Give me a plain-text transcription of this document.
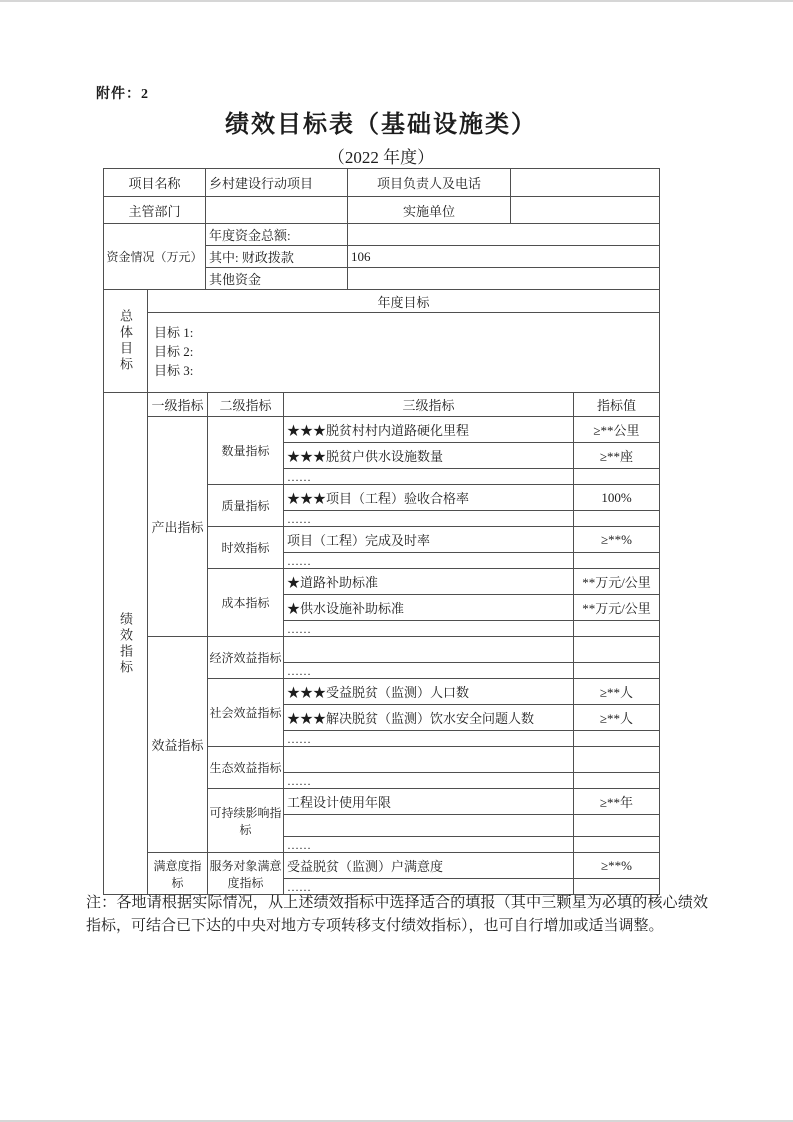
附件：2
绩效目标表（基础设施类）
（2022 年度）
项目名称	乡村建设行动项目	项目负责人及电话	
主管部门		实施单位	
资金情况（万元）	年度资金总额:		
	其中: 财政拨款	106	
	其他资金		
总体目标	年度目标

目标 1:
目标 2:
目标 3:
绩效指标	一级指标	二级指标	三级指标	指标值
	产出指标	数量指标	★★★脱贫村村内道路硬化里程	≥**公里
			★★★脱贫户供水设施数量	≥**座
			……	
		质量指标	★★★项目（工程）验收合格率	100%
			……	
		时效指标	项目（工程）完成及时率	≥**%
			……	
		成本指标	★道路补助标准	**万元/公里
			★供水设施补助标准	**万元/公里
			……	
	效益指标	经济效益指标		
			……	
		社会效益指标	★★★受益脱贫（监测）人口数	≥**人
			★★★解决脱贫（监测）饮水安全问题人数	≥**人
			……	
		生态效益指标		
			……	
		可持续影响指标	工程设计使用年限	≥**年

			……	
	满意度指标	服务对象满意度指标	受益脱贫（监测）户满意度	≥**%
			……	
注：各地请根据实际情况，从上述绩效指标中选择适合的填报（其中三颗星为必填的核心绩效指标，可结合已下达的中央对地方专项转移支付绩效指标），也可自行增加或适当调整。
